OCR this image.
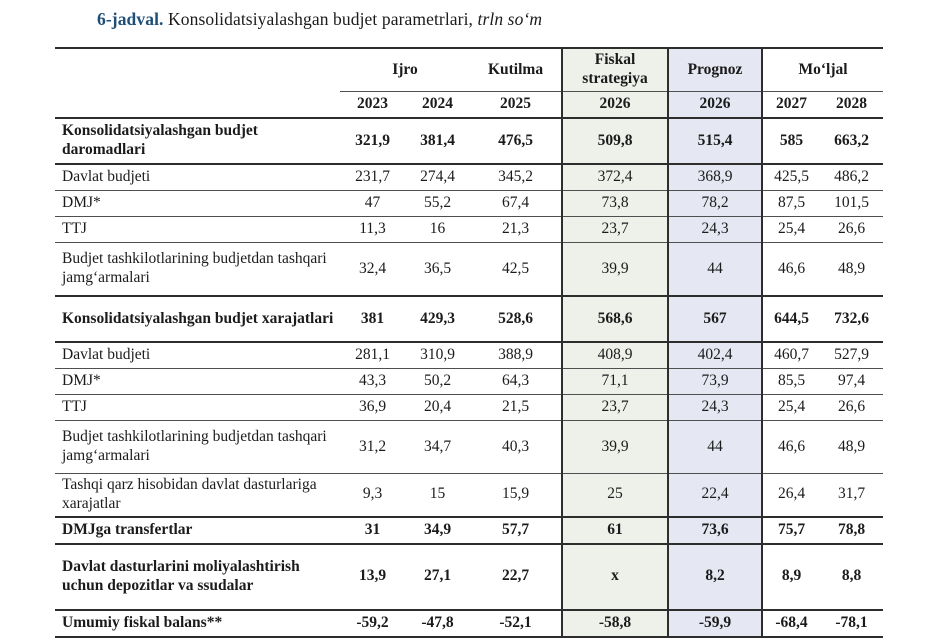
6-jadval. Konsolidatsiyalashgan budjet parametrlari, trln soʻm
	Ijro		Kutilma	Fiskal strategiya	Prognoz	Moʻljal	
	2023	2024	2025	2026	2026	2027	2028
Konsolidatsiyalashgan budjet daromadlari	321,9	381,4	476,5	509,8	515,4	585	663,2
Davlat budjeti	231,7	274,4	345,2	372,4	368,9	425,5	486,2
DMJ*	47	55,2	67,4	73,8	78,2	87,5	101,5
TTJ	11,3	16	21,3	23,7	24,3	25,4	26,6
Budjet tashkilotlarining budjetdan tashqari jamgʻarmalari	32,4	36,5	42,5	39,9	44	46,6	48,9
Konsolidatsiyalashgan budjet xarajatlari	381	429,3	528,6	568,6	567	644,5	732,6
Davlat budjeti	281,1	310,9	388,9	408,9	402,4	460,7	527,9
DMJ*	43,3	50,2	64,3	71,1	73,9	85,5	97,4
TTJ	36,9	20,4	21,5	23,7	24,3	25,4	26,6
Budjet tashkilotlarining budjetdan tashqari jamgʻarmalari	31,2	34,7	40,3	39,9	44	46,6	48,9
Tashqi qarz hisobidan davlat dasturlariga xarajatlar	9,3	15	15,9	25	22,4	26,4	31,7
DMJga transfertlar	31	34,9	57,7	61	73,6	75,7	78,8
Davlat dasturlarini moliyalashtirish uchun depozitlar va ssudalar	13,9	27,1	22,7	x	8,2	8,9	8,8
Umumiy fiskal balans**	-59,2	-47,8	-52,1	-58,8	-59,9	-68,4	-78,1
